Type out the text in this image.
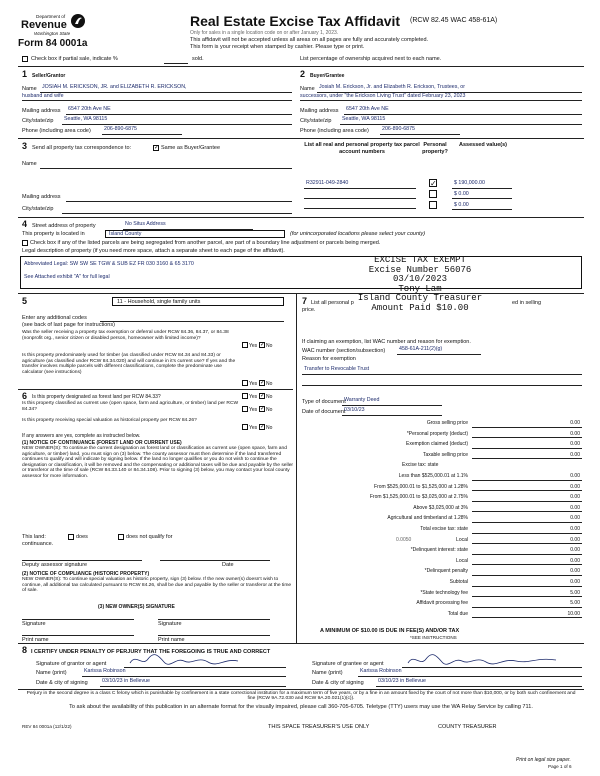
Department of
Revenue
Washington State
Form 84 0001a
Real Estate Excise Tax Affidavit (RCW 82.45 WAC 458-61A)
Only for sales in a single location code on or after January 1, 2023.
This affidavit will not be accepted unless all areas on all pages are fully and accurately completed.
This form is your receipt when stamped by cashier. Please type or print.
Check box if partial sale, indicate %	sold.	List percentage of ownership acquired next to each name.
1 Seller/Grantor
Name JOSIAH M. ERICKSON, JR. and ELIZABETH R. ERICKSON,
husband and wife
Mailing address 6547 20th Ave NE
City/state/zip Seattle, WA 98115
Phone (including area code) 206-890-6875
2 Buyer/Grantee
Name Josiah M. Erickson, Jr. and Elizabeth R. Erickson, Trustees, or
successors, under "the Erickson Living Trust" dated February 23, 2023
Mailing address 6547 20th Ave NE
City/state/zip Seattle, WA 98115
Phone (including area code) 206-890-6875
3 Send all property tax correspondence to:	✓ Same as Buyer/Grantee
Name
Mailing address
City/state/zip
List all real and personal property tax parcel account numbers
Personal property?
Assessed value(s)
R32911-049-2840	✓	$ 190,000.00
$ 0.00
$ 0.00
4 Street address of property	No Situs Address
This property is located in	Island County	(for unincorporated locations please select your county)
Check box if any of the listed parcels are being segregated from another parcel, are part of a boundary line adjustment or parcels being merged.
Legal description of property (if you need more space, attach a separate sheet to each page of the affidavit).
Abbreviated Legal: SW SW SE TGW & SUB EZ FR 030 3160 & 65 3170
See Attached exhibit "A" for full legal
EXCISE TAX EXEMPT
Excise Number 56076
03/10/2023
Tony Lam
Island County Treasurer
Amount Paid $10.00
5	11 - Household, single family units
Enter any additional codes
(see back of last page for instructions)
Was the seller receiving a property tax exemption or deferral under RCW 84.36, 84.37, or 84.38 (nonprofit org., senior citizen or disabled person, homeowner with limited income)?
Yes ✓ No
Is this property predominately used for timber (as classified under RCW 84.34 and 84.33) or agriculture (as classified under RCW 84.34.020) and will continue in it's current use? If yes and the transfer involves multiple parcels with different classifications, complete the predominate use calculator (see instructions)
Yes ✓ No
6 Is this property designated as forest land per RCW 84.33?	Yes ✓ No
Is this property classified as current use (open space, farm and agriculture, or timber) land per RCW 84.34?	Yes ✓ No
Is this property receiving special valuation as historical property per RCW 84.26?
Yes ✓ No
If any answers are yes, complete as instructed below.
(1) NOTICE OF CONTINUANCE (FOREST LAND OR CURRENT USE)
NEW OWNER(S): To continue the current designation as forest land or classification as current use (open space, farm and agriculture, or timber) land, you must sign on (3) below. The county assessor must then determine if the land transferred continues to qualify and will indicate by signing below. If the land no longer qualifies or you do not wish to continue the designation or classification, it will be removed and the compensating or additional taxes will be due and payable by the seller or transferor at the time of sale (RCW 84.33.140 or 84.34.108). Prior to signing (3) below, you may contact your local county assessor for more information.
This land:	does	does not qualify for
continuance.
Deputy assessor signature	Date
(2) NOTICE OF COMPLIANCE (HISTORIC PROPERTY)
NEW OWNER(S): To continue special valuation as historic property, sign (3) below. If the new owner(s) doesn't wish to continue, all additional tax calculated pursuant to RCW 84.26, shall be due and payable by the seller or transferor at the time of sale.
(3) NEW OWNER(S) SIGNATURE
Signature	Signature
Print name	Print name
7 List all personal p	ed in selling
price.
If claiming an exemption, list WAC number and reason for exemption.
WAC number (section/subsection)	458-61A-211(2)(g)
Reason for exemption
Transfer to Revocable Trust
Type of document
Warranty Deed
Date of document
03/10/23
Gross selling price	0.00
*Personal property (deduct)	0.00
Exemption claimed (deduct)	0.00
Taxable selling price	0.00
Excise tax: state
Less than $525,000.01 at 1.1%	0.00
From $525,000.01 to $1,525,000 at 1.28%	0.00
From $1,525,000.01 to $3,025,000 at 2.75%	0.00
Above $3,025,000 at 3%	0.00
Agricultural and timberland at 1.28%	0.00
Total excise tax: state	0.00
Local
0.0050	0.00
*Delinquent interest: state	0.00
Local	0.00
*Delinquent penalty	0.00
Subtotal	0.00
*State technology fee	5.00
Affidavit processing fee	5.00
Total due	10.00
A MINIMUM OF $10.00 IS DUE IN FEE(S) AND/OR TAX
*SEE INSTRUCTIONS
8 I CERTIFY UNDER PENALTY OF PERJURY THAT THE FOREGOING IS TRUE AND CORRECT
Signature of grantor or agent
Name (print)	Karissa Robinson
Date & city of signing	03/10/23 in Bellevue
Signature of grantee or agent
Name (print)	Karissa Robinson
Date & city of signing	03/10/23 in Bellevue
Perjury in the second degree is a class C felony which is punishable by confinement in a state correctional institution for a maximum term of five years, or by a fine in an amount fixed by the court of not more than $10,000, or by both such confinement and fine (RCW 9A.72.030 and RCW 9A.20.021(1)(c)).
To ask about the availability of this publication in an alternate format for the visually impaired, please call 360-705-6705. Teletype (TTY) users may use the WA Relay Service by calling 711.
REV 84 0001a (12/1/22)	THIS SPACE TREASURER'S USE ONLY	COUNTY TREASURER
Print on legal size paper.
Page 1 of 6
